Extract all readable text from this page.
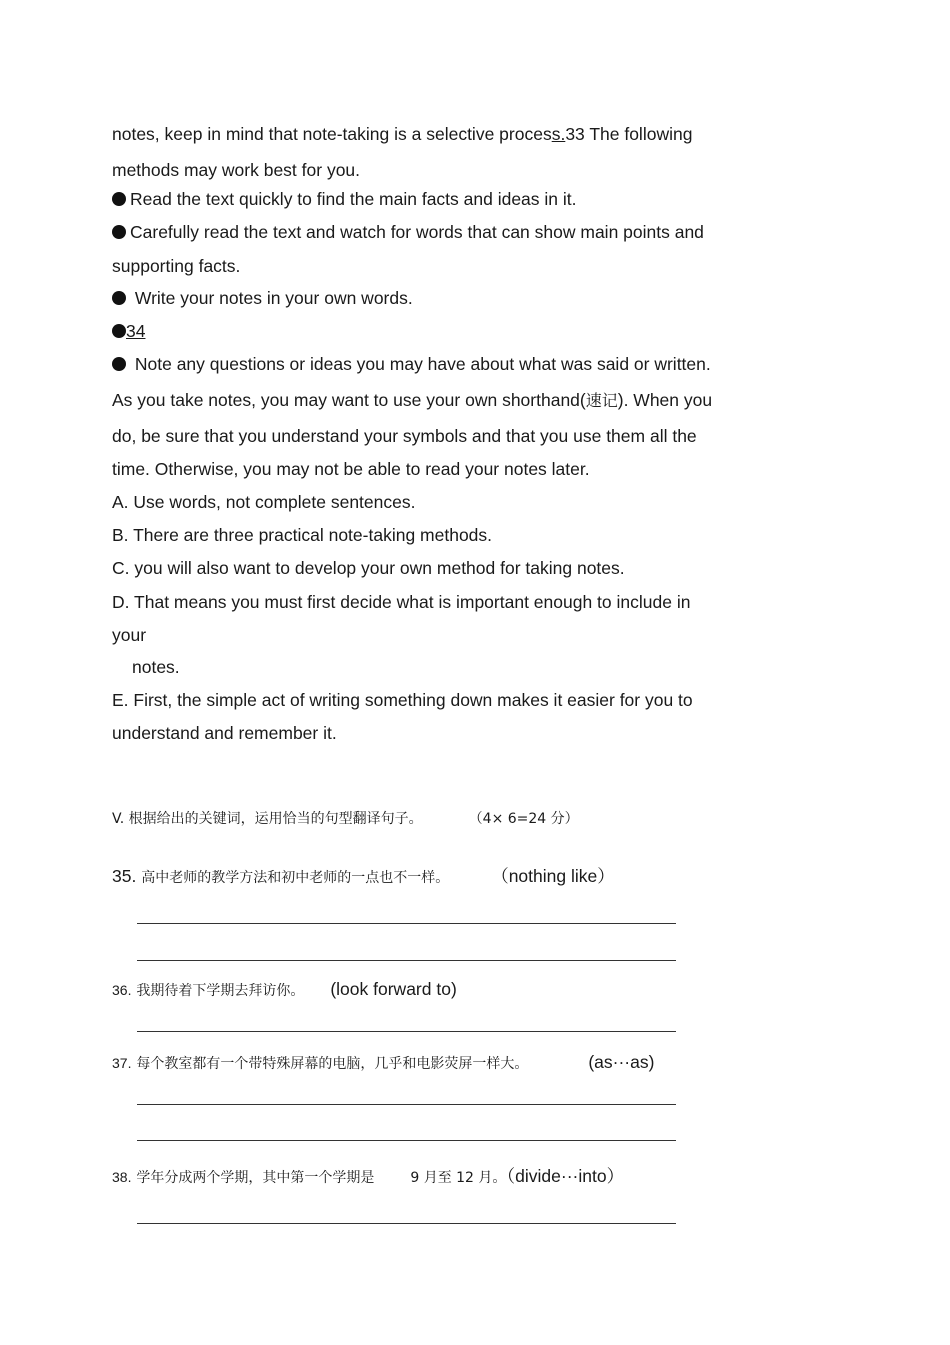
notes, keep in mind that note-taking is a selective process.33 The following
methods may work best for you.
Read the text quickly to find the main facts and ideas in it.
Carefully read the text and watch for words that can show main points and
supporting facts.
Write your notes in your own words.
34
Note any questions or ideas you may have about what was said or written.
As you take notes, you may want to use your own shorthand(速记). When you
do, be sure that you understand your symbols and that you use them all the
time. Otherwise, you may not be able to read your notes later.
A. Use words, not complete sentences.
B. There are three practical note-taking methods.
C. you will also want to develop your own method for taking notes.
D. That means you must first decide what is important enough to include in
your
notes.
E. First, the simple act of writing something down makes it easier for you to
understand and remember it.
V. 根据给出的关键词，运用恰当的句型翻译句子。	（4× 6=24 分）
35. 高中老师的教学方法和初中老师的一点也不一样。 （nothing like）
36. 我期待着下学期去拜访你。 (look forward to)
37. 每个教室都有一个带特殊屏幕的电脑，几乎和电影荧屏一样大。	(as···as)
38. 学年分成两个学期，其中第一个学期是	9 月至 12 月。（divide···into）
